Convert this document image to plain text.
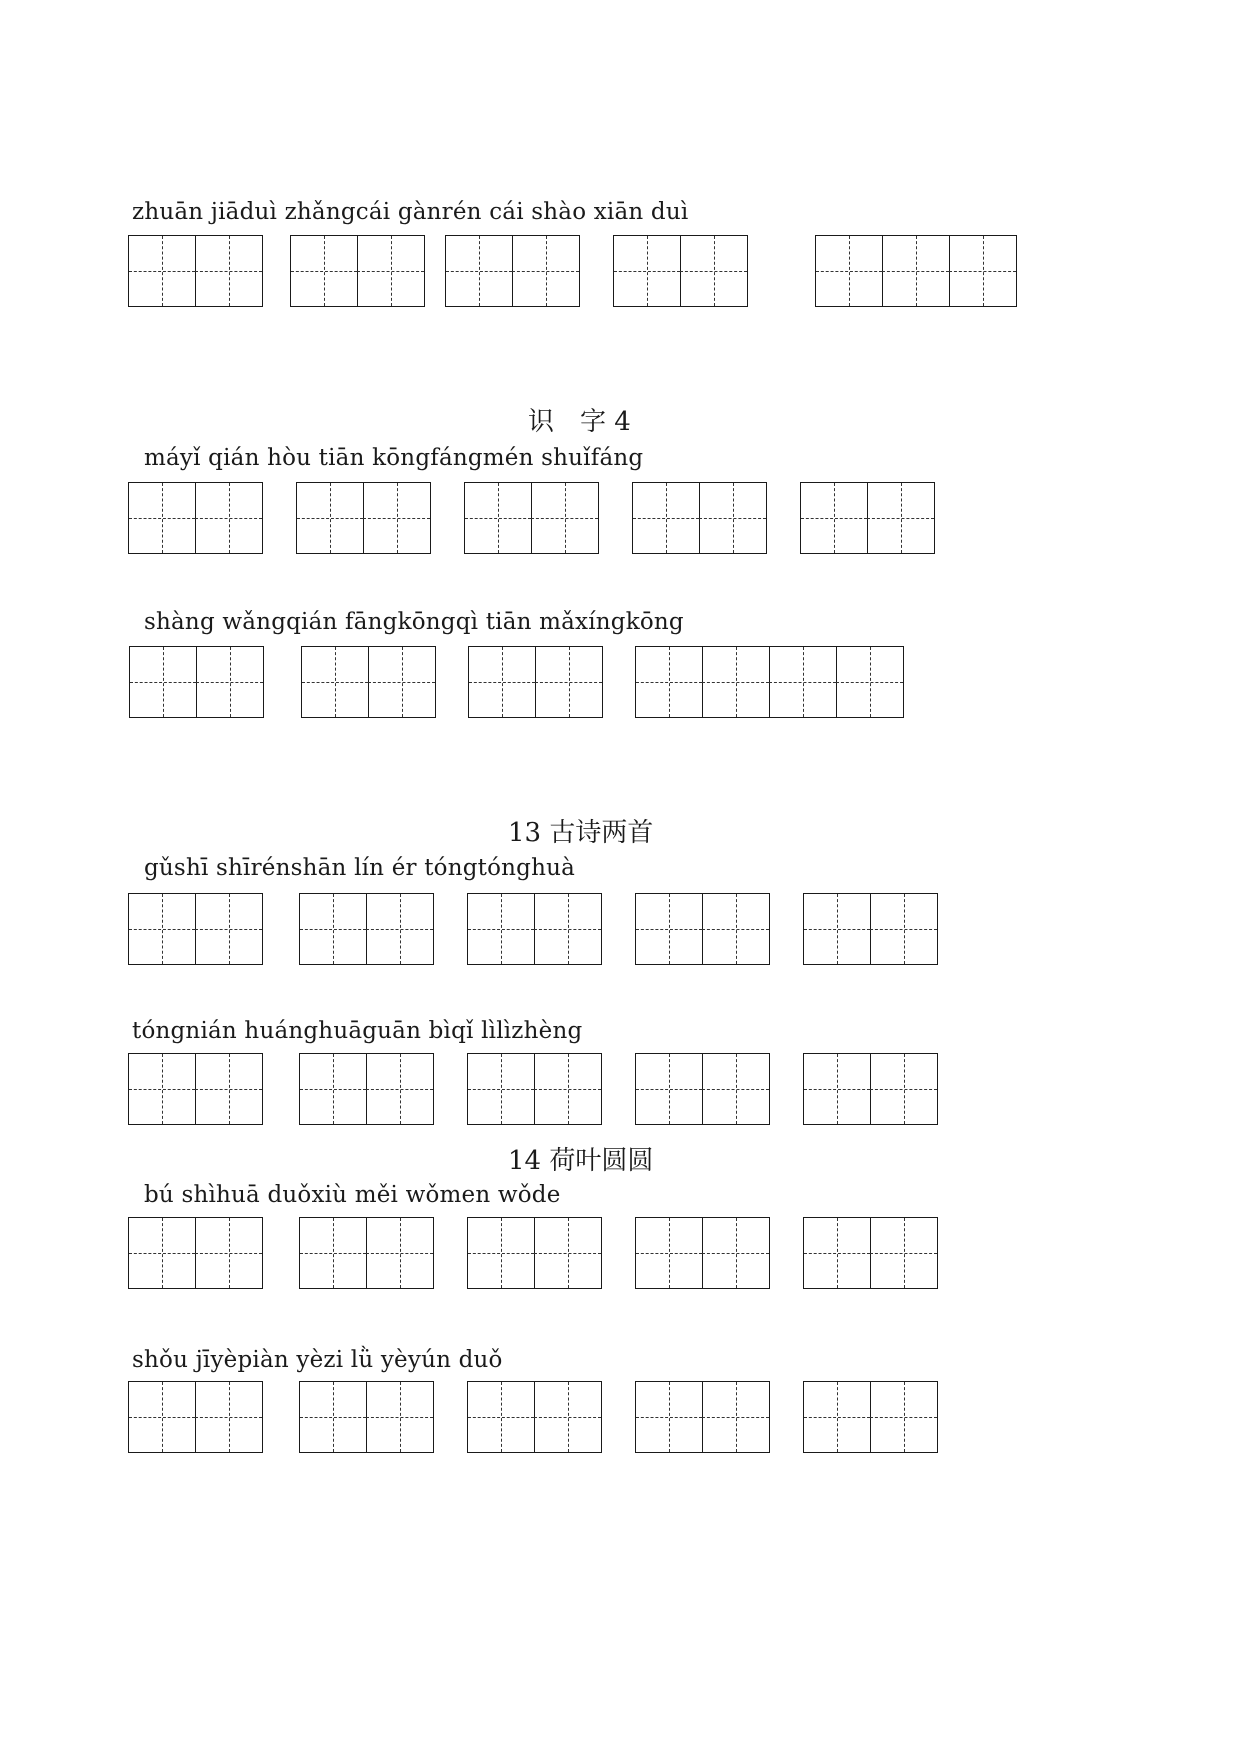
zhuān jiāduì zhǎngcái gànrén cái shào xiān duì
识　字 4
máyǐ qián hòu tiān kōngfángmén shuǐfáng
shàng wǎngqián fāngkōngqì tiān mǎxíngkōng
13 古诗两首
gǔshī shīrénshān lín ér tóngtónghuà
tóngnián huánghuāguān bìqǐ lìlìzhèng
14 荷叶圆圆
bú shìhuā duǒxiù měi wǒmen wǒde
shǒu jīyèpiàn yèzi lǜ yèyún duǒ
